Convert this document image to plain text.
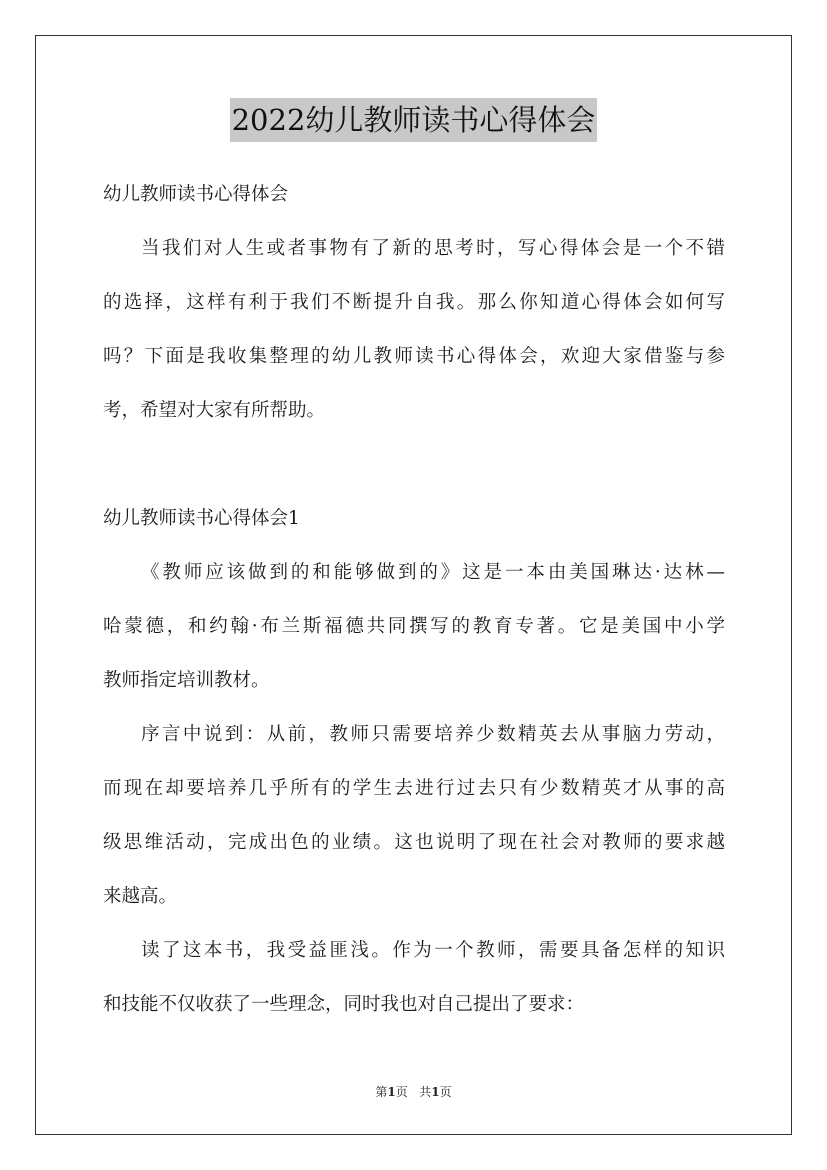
2022幼儿教师读书心得体会
幼儿教师读书心得体会
当我们对人生或者事物有了新的思考时，写心得体会是一个不错
的选择，这样有利于我们不断提升自我。那么你知道心得体会如何写
吗？下面是我收集整理的幼儿教师读书心得体会，欢迎大家借鉴与参
考，希望对大家有所帮助。
幼儿教师读书心得体会1
《教师应该做到的和能够做到的》这是一本由美国琳达·达林—
哈蒙德，和约翰·布兰斯福德共同撰写的教育专著。它是美国中小学
教师指定培训教材。
序言中说到：从前，教师只需要培养少数精英去从事脑力劳动，
而现在却要培养几乎所有的学生去进行过去只有少数精英才从事的高
级思维活动，完成出色的业绩。这也说明了现在社会对教师的要求越
来越高。
读了这本书，我受益匪浅。作为一个教师，需要具备怎样的知识
和技能不仅收获了一些理念，同时我也对自己提出了要求：
第1页 共1页
